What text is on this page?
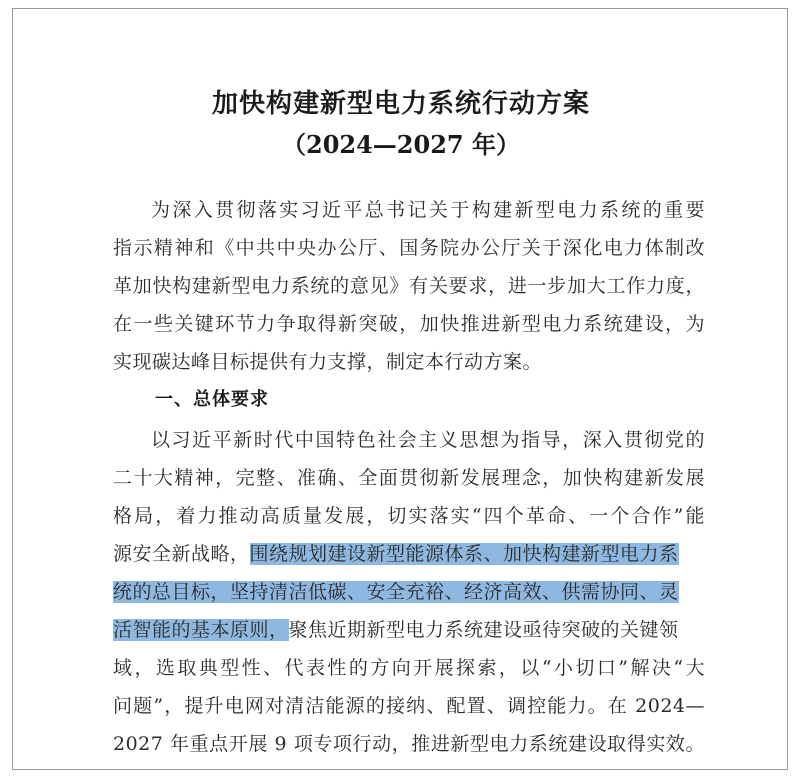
加快构建新型电力系统行动方案
（2024—2027 年）
为深入贯彻落实习近平总书记关于构建新型电力系统的重要
指示精神和《中共中央办公厅、国务院办公厅关于深化电力体制改
革加快构建新型电力系统的意见》有关要求，进一步加大工作力度，
在一些关键环节力争取得新突破，加快推进新型电力系统建设，为
实现碳达峰目标提供有力支撑，制定本行动方案。
一、总体要求
以习近平新时代中国特色社会主义思想为指导，深入贯彻党的
二十大精神，完整、准确、全面贯彻新发展理念，加快构建新发展
格局，着力推动高质量发展，切实落实“四个革命、一个合作”能
源安全新战略，围绕规划建设新型能源体系、加快构建新型电力系
统的总目标，坚持清洁低碳、安全充裕、经济高效、供需协同、灵
活智能的基本原则，聚焦近期新型电力系统建设亟待突破的关键领
域，选取典型性、代表性的方向开展探索，以“小切口”解决“大
问题”，提升电网对清洁能源的接纳、配置、调控能力。在 2024—
2027 年重点开展 9 项专项行动，推进新型电力系统建设取得实效。
